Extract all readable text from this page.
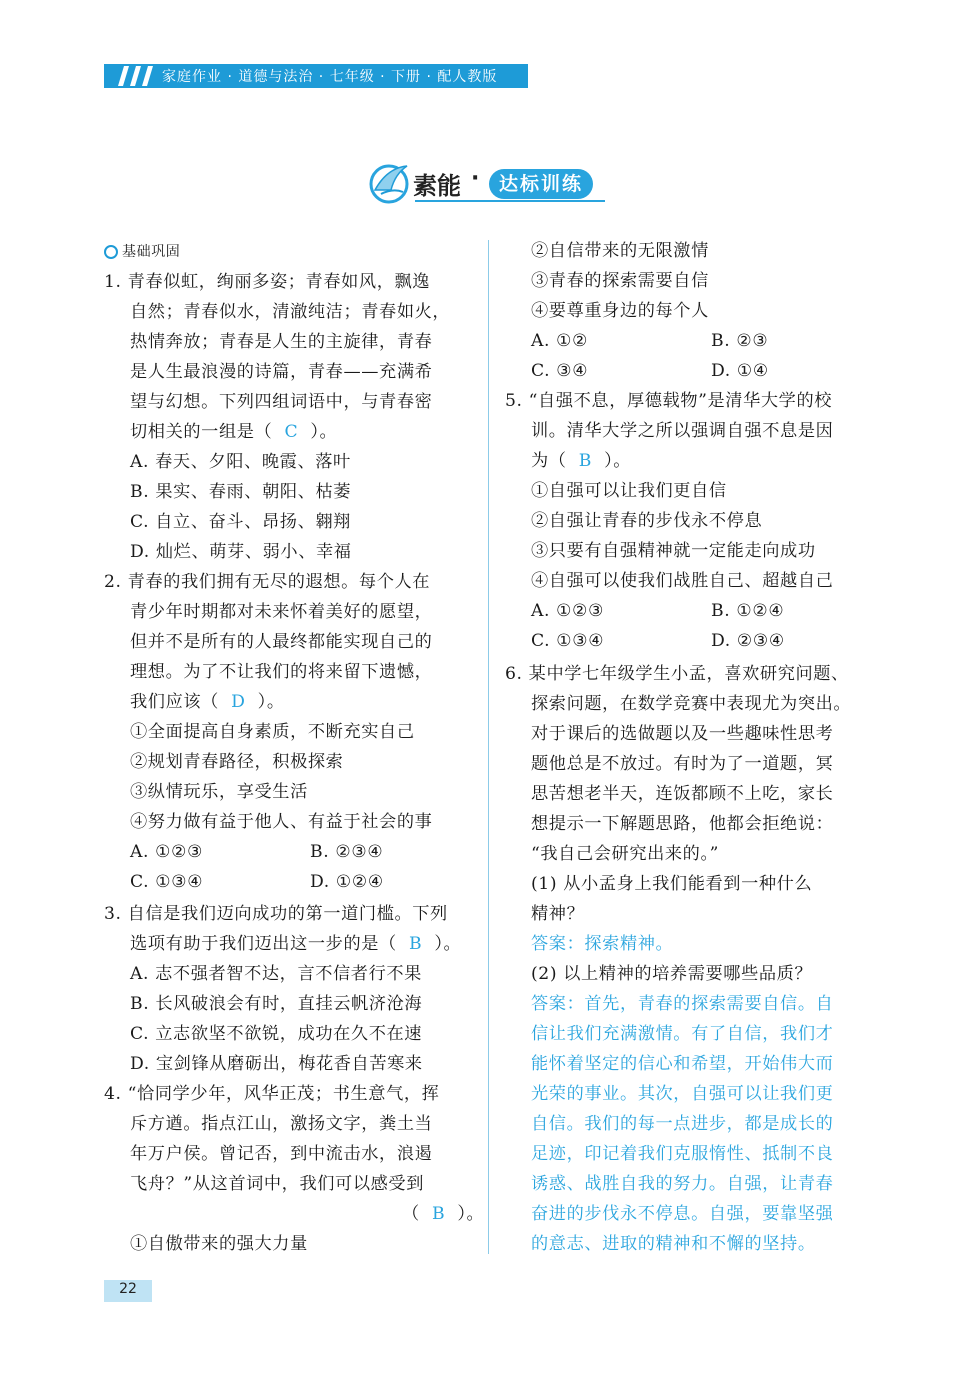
家庭作业 · 道德与法治 · 七年级 · 下册 · 配人教版
素能 ·	达标训练
基础巩固
1. 青春似虹，绚丽多姿；青春如风，飘逸
自然；青春似水，清澈纯洁；青春如火，
热情奔放；青春是人生的主旋律，青春
是人生最浪漫的诗篇，青春——充满希
望与幻想。下列四组词语中，与青春密
切相关的一组是（ C ）。
A. 春天、夕阳、晚霞、落叶
B. 果实、春雨、朝阳、枯萎
C. 自立、奋斗、昂扬、翱翔
D. 灿烂、萌芽、弱小、幸福
2. 青春的我们拥有无尽的遐想。每个人在
青少年时期都对未来怀着美好的愿望，
但并不是所有的人最终都能实现自己的
理想。为了不让我们的将来留下遗憾，
我们应该（ D ）。
①全面提高自身素质，不断充实自己
②规划青春路径，积极探索
③纵情玩乐，享受生活
④努力做有益于他人、有益于社会的事
A. ①②③	B. ②③④
C. ①③④	D. ①②④
3. 自信是我们迈向成功的第一道门槛。下列
选项有助于我们迈出这一步的是（ B ）。
A. 志不强者智不达，言不信者行不果
B. 长风破浪会有时，直挂云帆济沧海
C. 立志欲坚不欲锐，成功在久不在速
D. 宝剑锋从磨砺出，梅花香自苦寒来
4. “恰同学少年，风华正茂；书生意气，挥
斥方遒。指点江山，激扬文字，粪土当
年万户侯。曾记否，到中流击水，浪遏
飞舟？”从这首词中，我们可以感受到
（ B ）。
①自傲带来的强大力量
②自信带来的无限激情
③青春的探索需要自信
④要尊重身边的每个人
A. ①②	B. ②③
C. ③④	D. ①④
5. “自强不息，厚德载物”是清华大学的校
训。清华大学之所以强调自强不息是因
为（ B ）。
①自强可以让我们更自信
②自强让青春的步伐永不停息
③只要有自强精神就一定能走向成功
④自强可以使我们战胜自己、超越自己
A. ①②③	B. ①②④
C. ①③④	D. ②③④
6. 某中学七年级学生小孟，喜欢研究问题、
探索问题，在数学竞赛中表现尤为突出。
对于课后的选做题以及一些趣味性思考
题他总是不放过。有时为了一道题，冥
思苦想老半天，连饭都顾不上吃，家长
想提示一下解题思路，他都会拒绝说：
“我自己会研究出来的。”
(1) 从小孟身上我们能看到一种什么
精神？
答案：探索精神。
(2) 以上精神的培养需要哪些品质？
答案：首先，青春的探索需要自信。自
信让我们充满激情。有了自信，我们才
能怀着坚定的信心和希望，开始伟大而
光荣的事业。其次，自强可以让我们更
自信。我们的每一点进步，都是成长的
足迹，印记着我们克服惰性、抵制不良
诱惑、战胜自我的努力。自强，让青春
奋进的步伐永不停息。自强，要靠坚强
的意志、进取的精神和不懈的坚持。
22
